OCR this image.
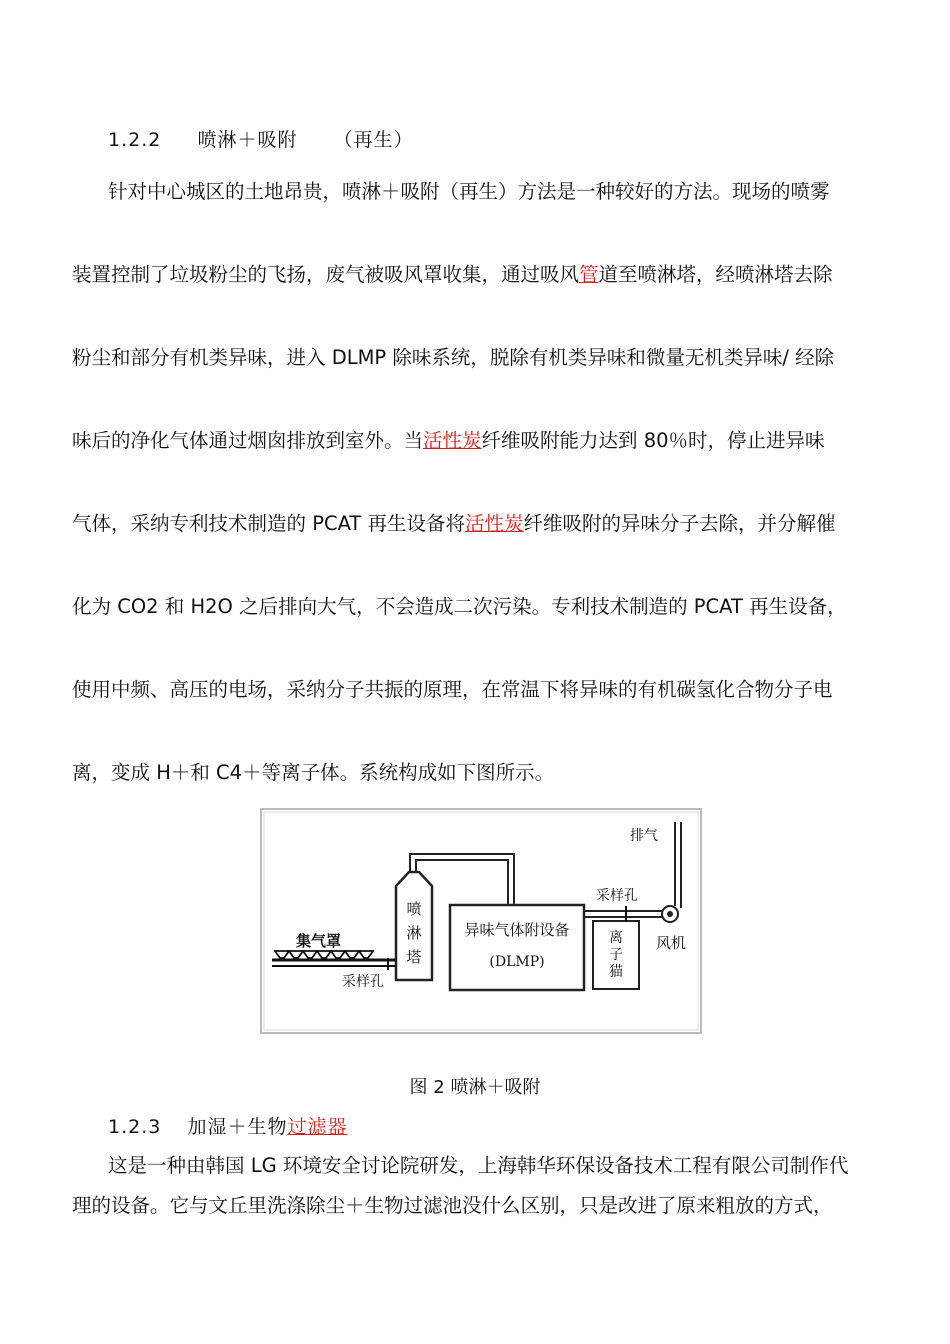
1.2.2 喷淋＋吸附 （再生）
针对中心城区的土地昂贵，喷淋＋吸附（再生）方法是一种较好的方法。现场的喷雾
装置控制了垃圾粉尘的飞扬，废气被吸风罩收集，通过吸风管道至喷淋塔，经喷淋塔去除
粉尘和部分有机类异味，进入 DLMP 除味系统，脱除有机类异味和微量无机类异味/ 经除
味后的净化气体通过烟囱排放到室外。当活性炭纤维吸附能力达到 80％时，停止进异味
气体，采纳专利技术制造的 PCAT 再生设备将活性炭纤维吸附的异味分子去除，并分解催
化为 CO2 和 H2O 之后排向大气，不会造成二次污染。专利技术制造的 PCAT 再生设备，
使用中频、高压的电场，采纳分子共振的原理，在常温下将异味的有机碳氢化合物分子电
离，变成 H＋和 C4＋等离子体。系统构成如下图所示。
喷
淋
塔
集气罩
采样孔
异味气体附设备
(DLMP)
离
子
猫
采样孔
风机
排气
图 2 喷淋＋吸附
1.2.3 加湿＋生物过滤器
这是一种由韩国 LG 环境安全讨论院研发，上海韩华环保设备技术工程有限公司制作代
理的设备。它与文丘里洗涤除尘＋生物过滤池没什么区别，只是改进了原来粗放的方式，
